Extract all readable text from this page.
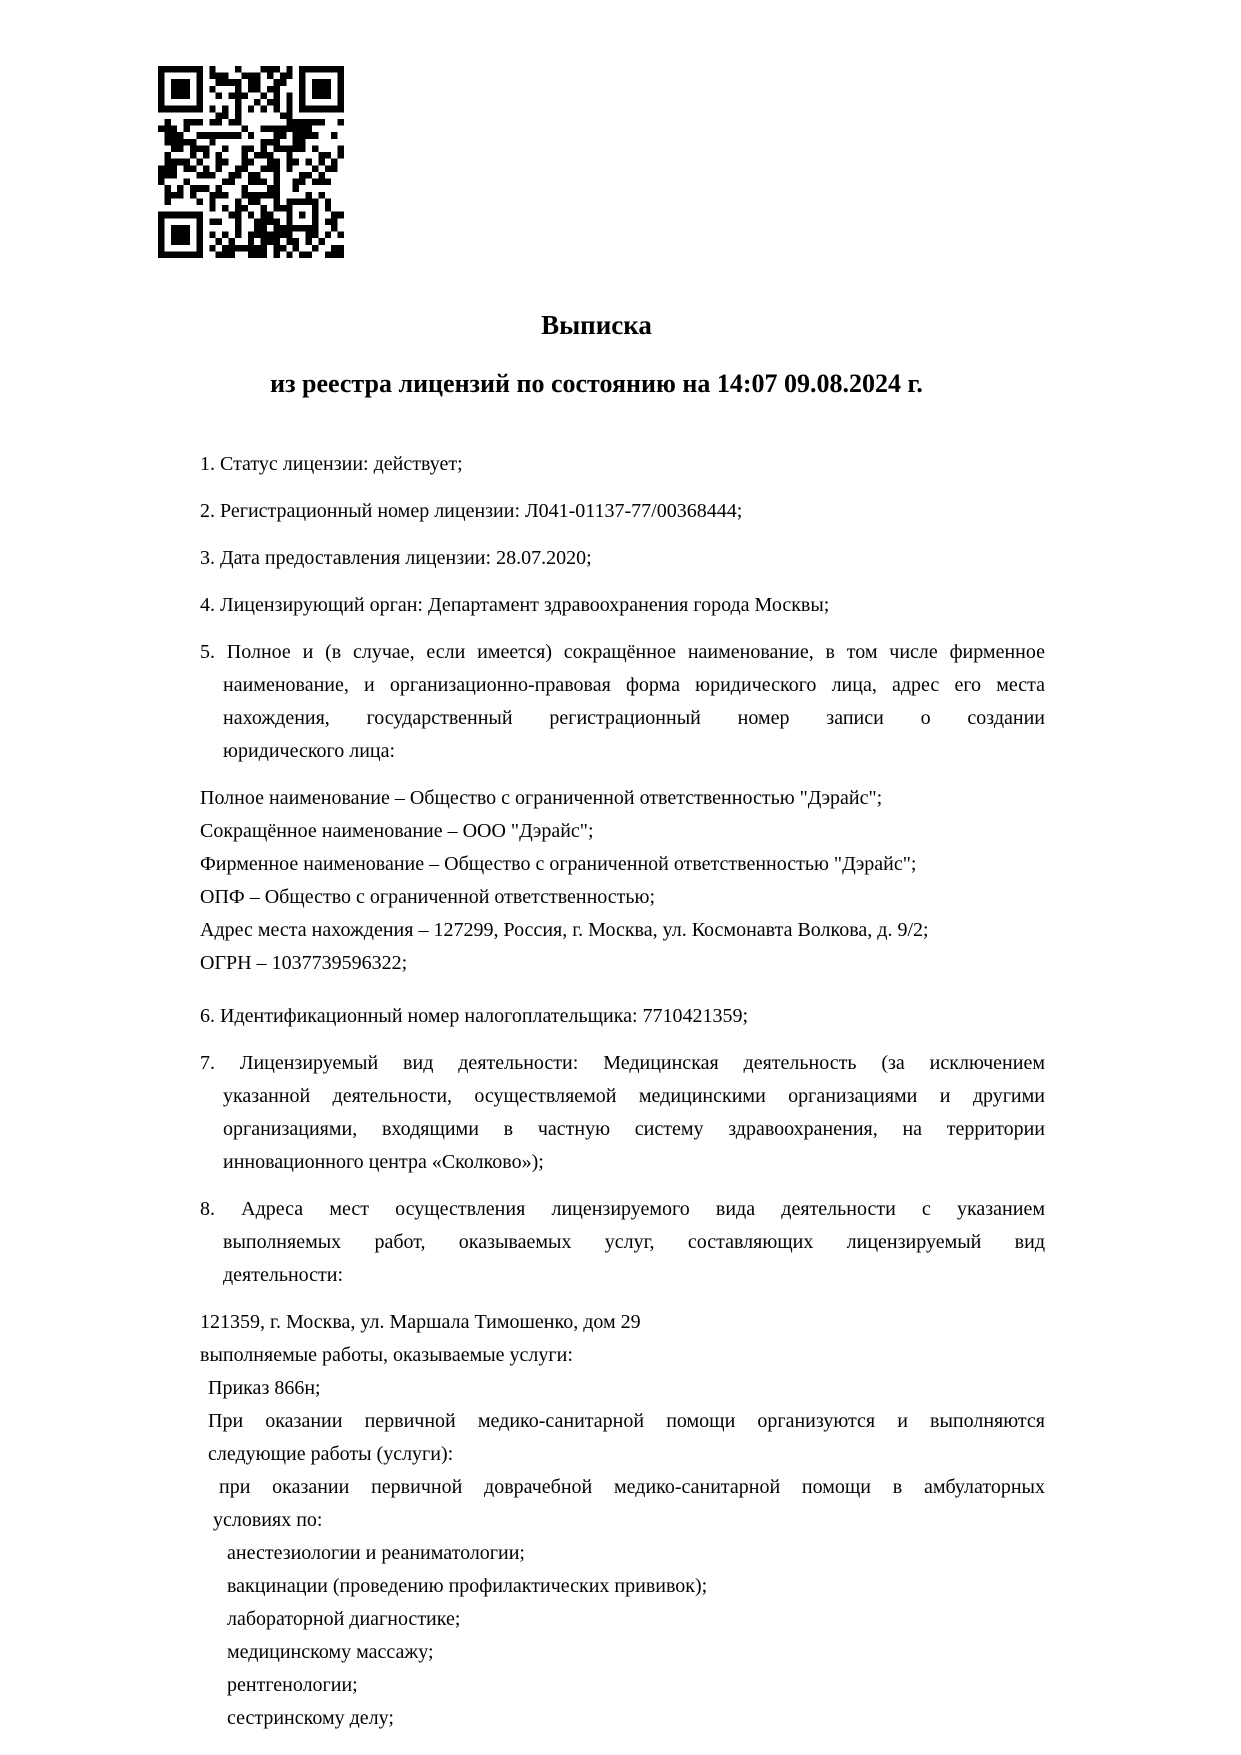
Выписка
из реестра лицензий по состоянию на 14:07 09.08.2024 г.
1. Статус лицензии: действует;
2. Регистрационный номер лицензии: Л041-01137-77/00368444;
3. Дата предоставления лицензии: 28.07.2020;
4. Лицензирующий орган: Департамент здравоохранения города Москвы;
5. Полное и (в случае, если имеется) сокращённое наименование, в том числе фирменное
наименование, и организационно-правовая форма юридического лица, адрес его места
нахождения, государственный регистрационный номер записи о создании
юридического лица:
Полное наименование – Общество с ограниченной ответственностью "Дэрайс";
Сокращённое наименование – ООО "Дэрайс";
Фирменное наименование – Общество с ограниченной ответственностью "Дэрайс";
ОПФ – Общество с ограниченной ответственностью;
Адрес места нахождения – 127299, Россия, г. Москва, ул. Космонавта Волкова, д. 9/2;
ОГРН – 1037739596322;
6. Идентификационный номер налогоплательщика: 7710421359;
7. Лицензируемый вид деятельности: Медицинская деятельность (за исключением
указанной деятельности, осуществляемой медицинскими организациями и другими
организациями, входящими в частную систему здравоохранения, на территории
инновационного центра «Сколково»);
8. Адреса мест осуществления лицензируемого вида деятельности с указанием
выполняемых работ, оказываемых услуг, составляющих лицензируемый вид
деятельности:
121359, г. Москва, ул. Маршала Тимошенко, дом 29
выполняемые работы, оказываемые услуги:
Приказ 866н;
При оказании первичной медико-санитарной помощи организуются и выполняются
следующие работы (услуги):
при оказании первичной доврачебной медико-санитарной помощи в амбулаторных
условиях по:
анестезиологии и реаниматологии;
вакцинации (проведению профилактических прививок);
лабораторной диагностике;
медицинскому массажу;
рентгенологии;
сестринскому делу;
